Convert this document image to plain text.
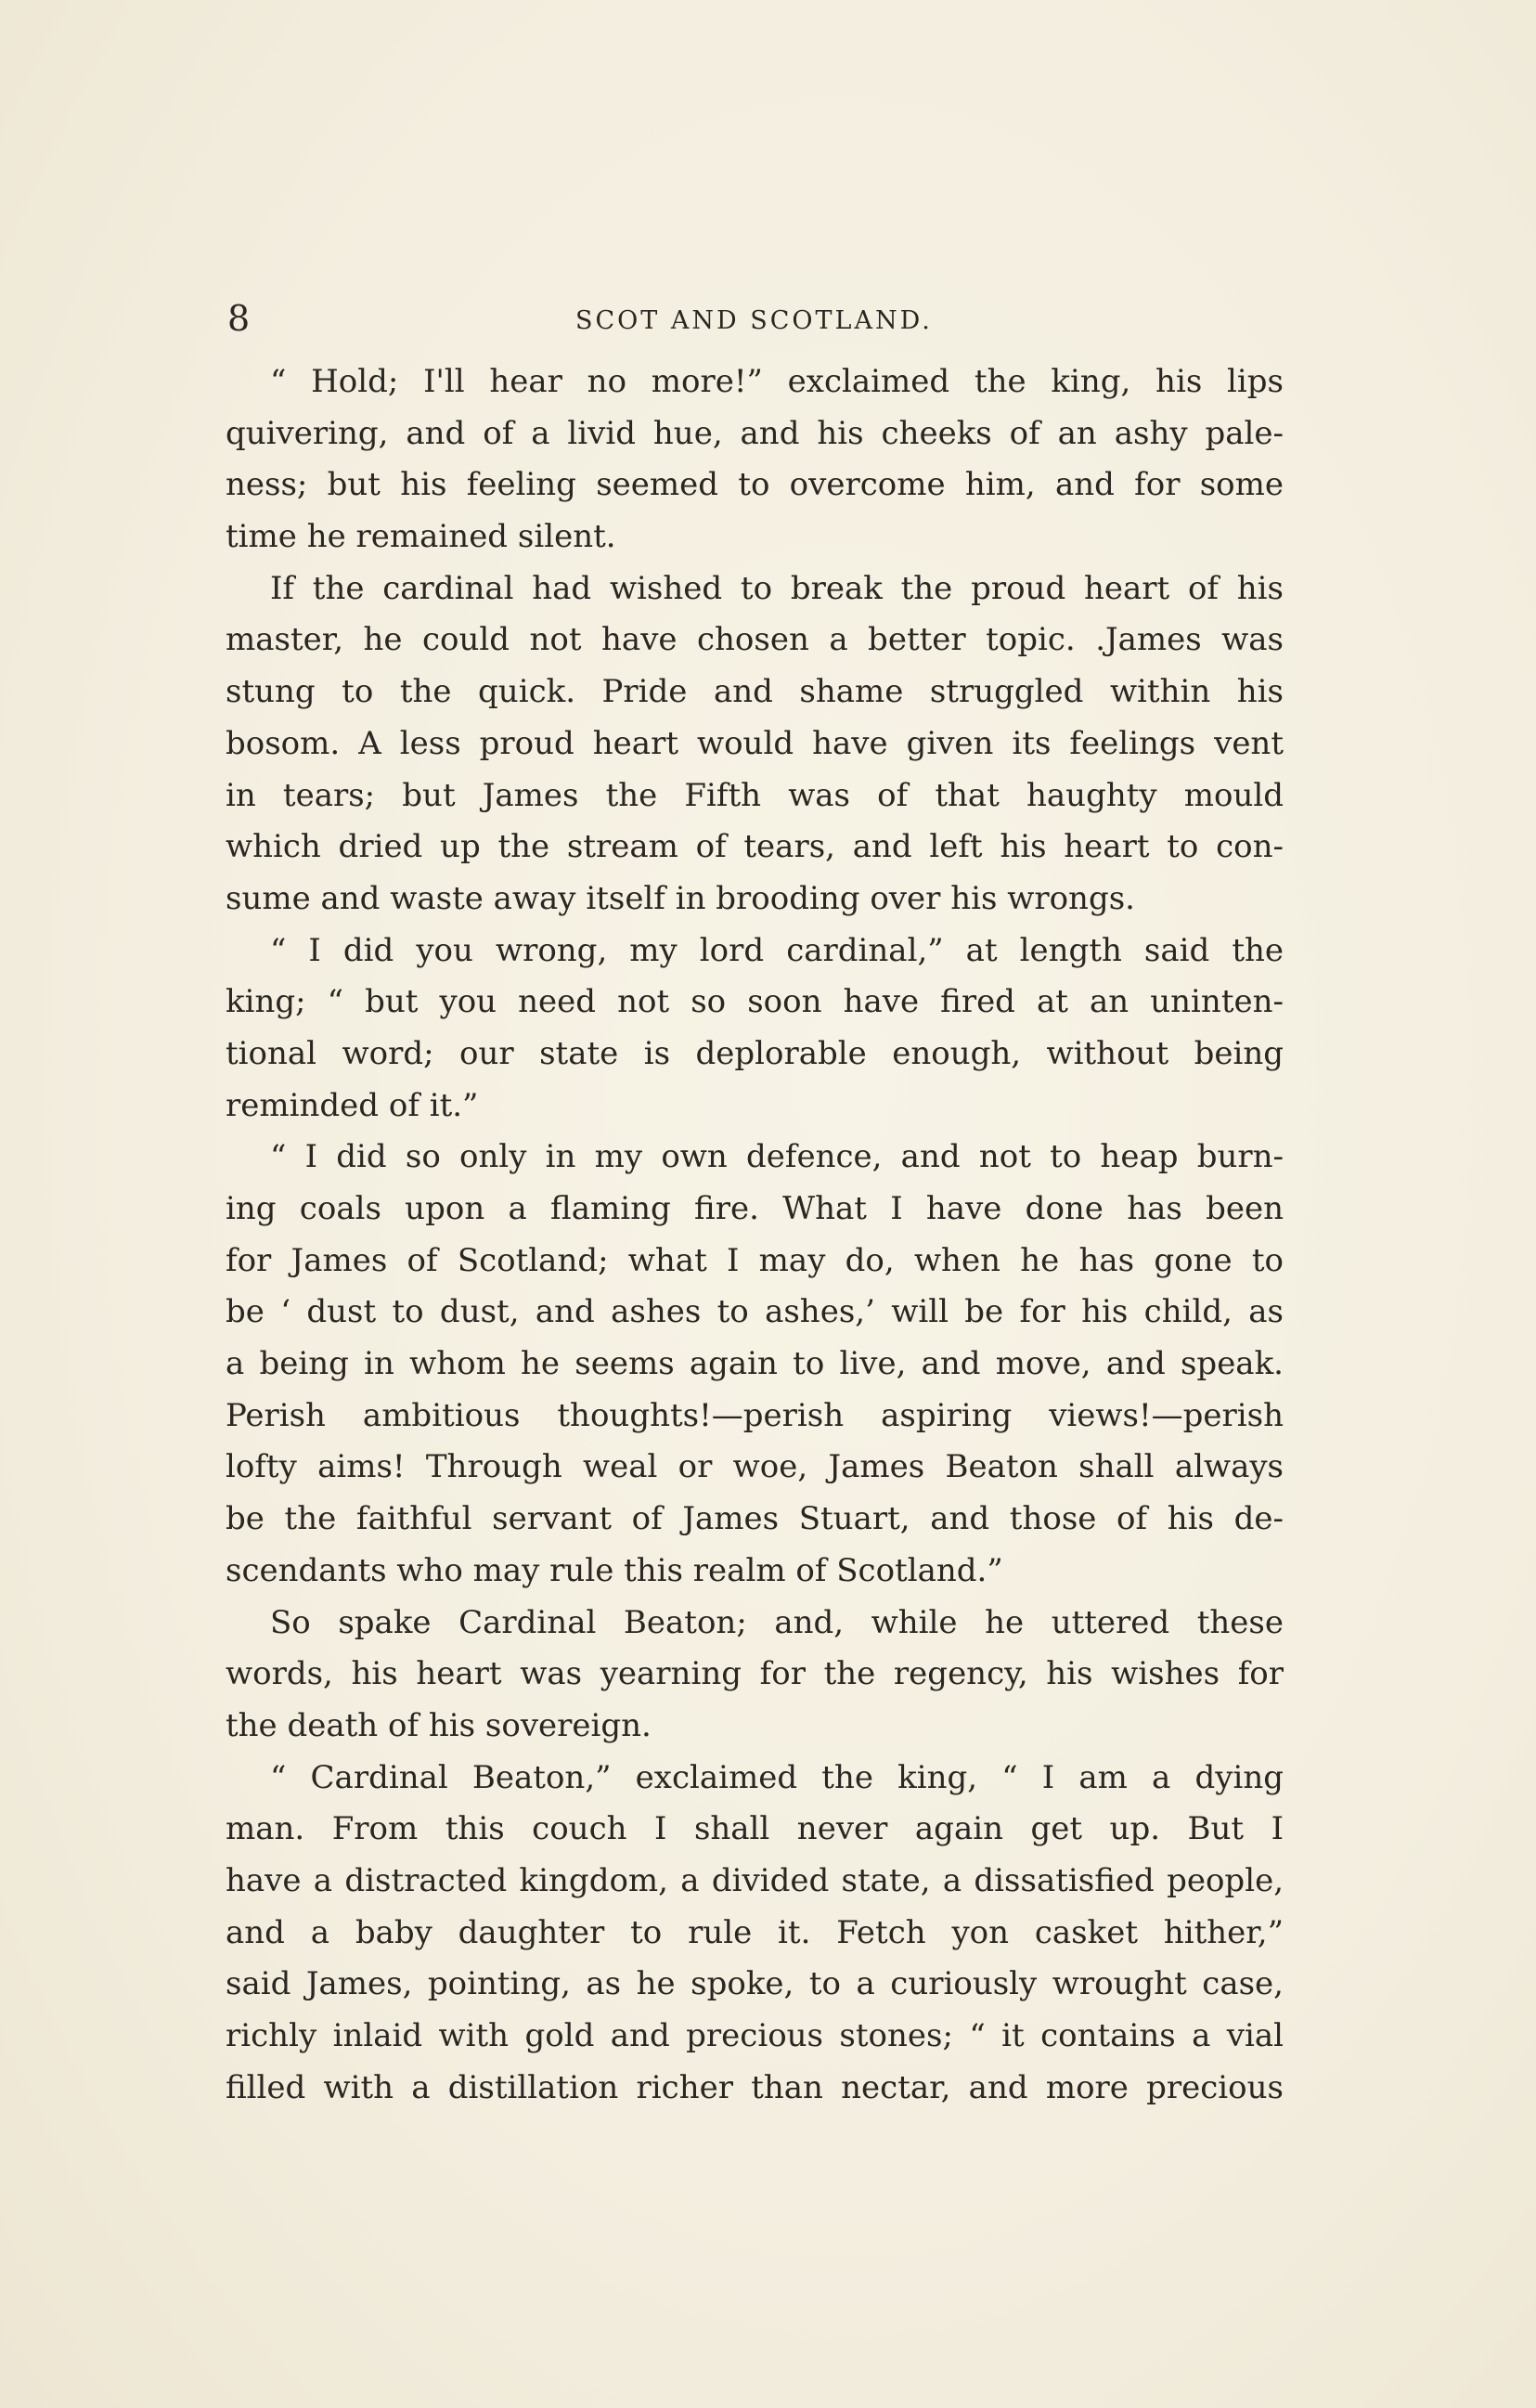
8	SCOT AND SCOTLAND.
“ Hold; I'll hear no more!” exclaimed the king, his lips
quivering, and of a livid hue, and his cheeks of an ashy pale-
ness; but his feeling seemed to overcome him, and for some
time he remained silent.
If the cardinal had wished to break the proud heart of his
master, he could not have chosen a better topic. .James was
stung to the quick. Pride and shame struggled within his
bosom. A less proud heart would have given its feelings vent
in tears; but James the Fifth was of that haughty mould
which dried up the stream of tears, and left his heart to con-
sume and waste away itself in brooding over his wrongs.
“ I did you wrong, my lord cardinal,” at length said the
king; “ but you need not so soon have fired at an uninten-
tional word; our state is deplorable enough, without being
reminded of it.”
“ I did so only in my own defence, and not to heap burn-
ing coals upon a flaming fire. What I have done has been
for James of Scotland; what I may do, when he has gone to
be ‘ dust to dust, and ashes to ashes,’ will be for his child, as
a being in whom he seems again to live, and move, and speak.
Perish ambitious thoughts!—perish aspiring views!—perish
lofty aims! Through weal or woe, James Beaton shall always
be the faithful servant of James Stuart, and those of his de-
scendants who may rule this realm of Scotland.”
So spake Cardinal Beaton; and, while he uttered these
words, his heart was yearning for the regency, his wishes for
the death of his sovereign.
“ Cardinal Beaton,” exclaimed the king, “ I am a dying
man. From this couch I shall never again get up. But I
have a distracted kingdom, a divided state, a dissatisfied people,
and a baby daughter to rule it. Fetch yon casket hither,”
said James, pointing, as he spoke, to a curiously wrought case,
richly inlaid with gold and precious stones; “ it contains a vial
filled with a distillation richer than nectar, and more precious
